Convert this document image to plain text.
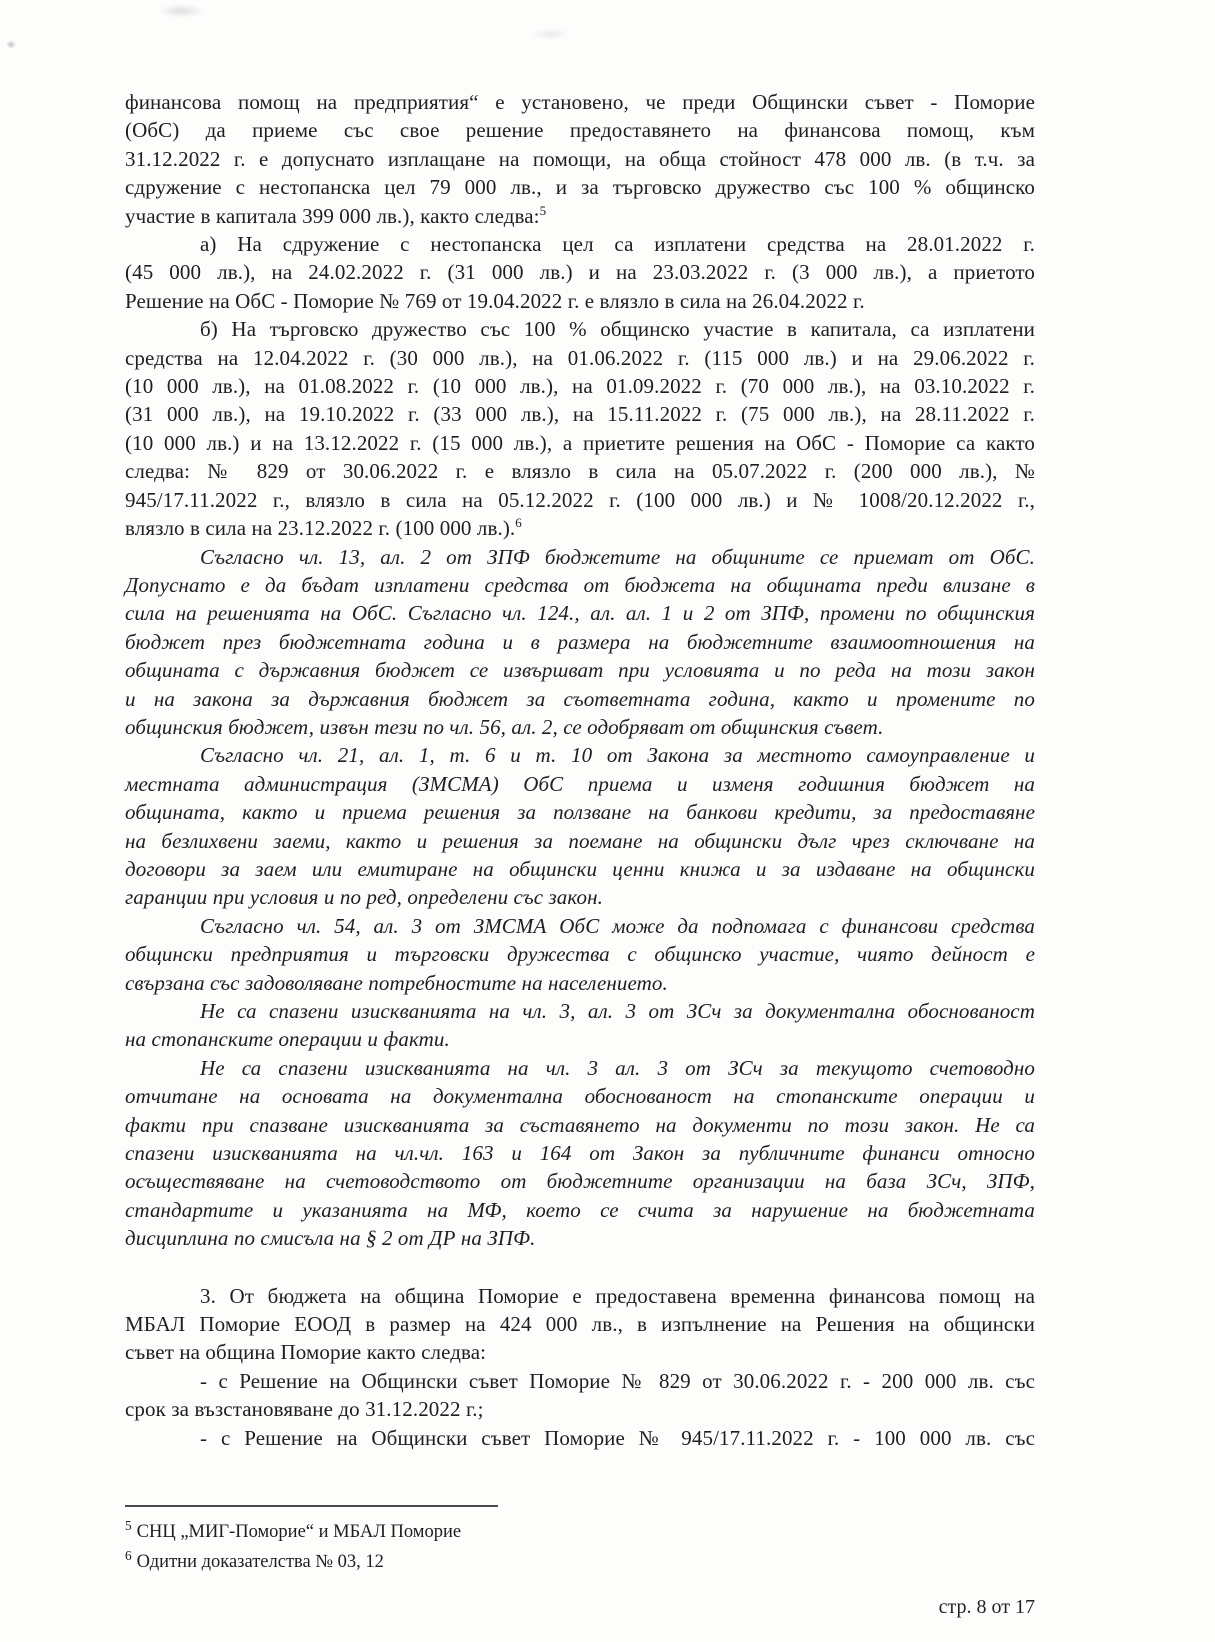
финансова помощ на предприятия“ е установено, че преди Общински съвет - Поморие
(ОбС) да приеме със свое решение предоставянето на финансова помощ, към
31.12.2022 г. е допуснато изплащане на помощи, на обща стойност 478 000 лв. (в т.ч. за
сдружение с нестопанска цел 79 000 лв., и за търговско дружество със 100 % общинско
участие в капитала 399 000 лв.), както следва:$^5$
а) На сдружение с нестопанска цел са изплатени средства на 28.01.2022 г.
(45 000 лв.), на 24.02.2022 г. (31 000 лв.) и на 23.03.2022 г. (3 000 лв.), а приетото
Решение на ОбС - Поморие № 769 от 19.04.2022 г. е влязло в сила на 26.04.2022 г.
б) На търговско дружество със 100 % общинско участие в капитала, са изплатени
средства на 12.04.2022 г. (30 000 лв.), на 01.06.2022 г. (115 000 лв.) и на 29.06.2022 г.
(10 000 лв.), на 01.08.2022 г. (10 000 лв.), на 01.09.2022 г. (70 000 лв.), на 03.10.2022 г.
(31 000 лв.), на 19.10.2022 г. (33 000 лв.), на 15.11.2022 г. (75 000 лв.), на 28.11.2022 г.
(10 000 лв.) и на 13.12.2022 г. (15 000 лв.), а приетите решения на ОбС - Поморие са както
следва: № 829 от 30.06.2022 г. е влязло в сила на 05.07.2022 г. (200 000 лв.), №
945/17.11.2022 г., влязло в сила на 05.12.2022 г. (100 000 лв.) и № 1008/20.12.2022 г.,
влязло в сила на 23.12.2022 г. (100 000 лв.).$^6$
Съгласно чл. 13, ал. 2 от ЗПФ бюджетите на общините се приемат от ОбС.
Допуснато е да бъдат изплатени средства от бюджета на общината преди влизане в
сила на решенията на ОбС. Съгласно чл. 124., ал. ал. 1 и 2 от ЗПФ, промени по общинския
бюджет през бюджетната година и в размера на бюджетните взаимоотношения на
общината с държавния бюджет се извършват при условията и по реда на този закон
и на закона за държавния бюджет за съответната година, както и промените по
общинския бюджет, извън тези по чл. 56, ал. 2, се одобряват от общинския съвет.
Съгласно чл. 21, ал. 1, т. 6 и т. 10 от Закона за местното самоуправление и
местната администрация (ЗМСМА) ОбС приема и изменя годишния бюджет на
общината, както и приема решения за ползване на банкови кредити, за предоставяне
на безлихвени заеми, както и решения за поемане на общински дълг чрез сключване на
договори за заем или емитиране на общински ценни книжа и за издаване на общински
гаранции при условия и по ред, определени със закон.
Съгласно чл. 54, ал. 3 от ЗМСМА ОбС може да подпомага с финансови средства
общински предприятия и търговски дружества с общинско участие, чиято дейност е
свързана със задоволяване потребностите на населението.
Не са спазени изискванията на чл. 3, ал. 3 от ЗСч за документална обоснованост
на стопанските операции и факти.
Не са спазени изискванията на чл. 3 ал. 3 от ЗСч за текущото счетоводно
отчитане на основата на документална обоснованост на стопанските операции и
факти при спазване изискванията за съставянето на документи по този закон. Не са
спазени изискванията на чл.чл. 163 и 164 от Закон за публичните финанси относно
осъществяване на счетоводството от бюджетните организации на база ЗСч, ЗПФ,
стандартите и указанията на МФ, което се счита за нарушение на бюджетната
дисциплина по смисъла на § 2 от ДР на ЗПФ.
3. От бюджета на община Поморие е предоставена временна финансова помощ на
МБАЛ Поморие ЕООД в размер на 424 000 лв., в изпълнение на Решения на общински
съвет на община Поморие както следва:
- с Решение на Общински съвет Поморие № 829 от 30.06.2022 г. - 200 000 лв. със
срок за възстановяване до 31.12.2022 г.;
- с Решение на Общински съвет Поморие № 945/17.11.2022 г. - 100 000 лв. със
$^5$ СНЦ „МИГ-Поморие“ и МБАЛ Поморие
$^6$ Одитни доказателства № 03, 12
стр. 8 от 17
